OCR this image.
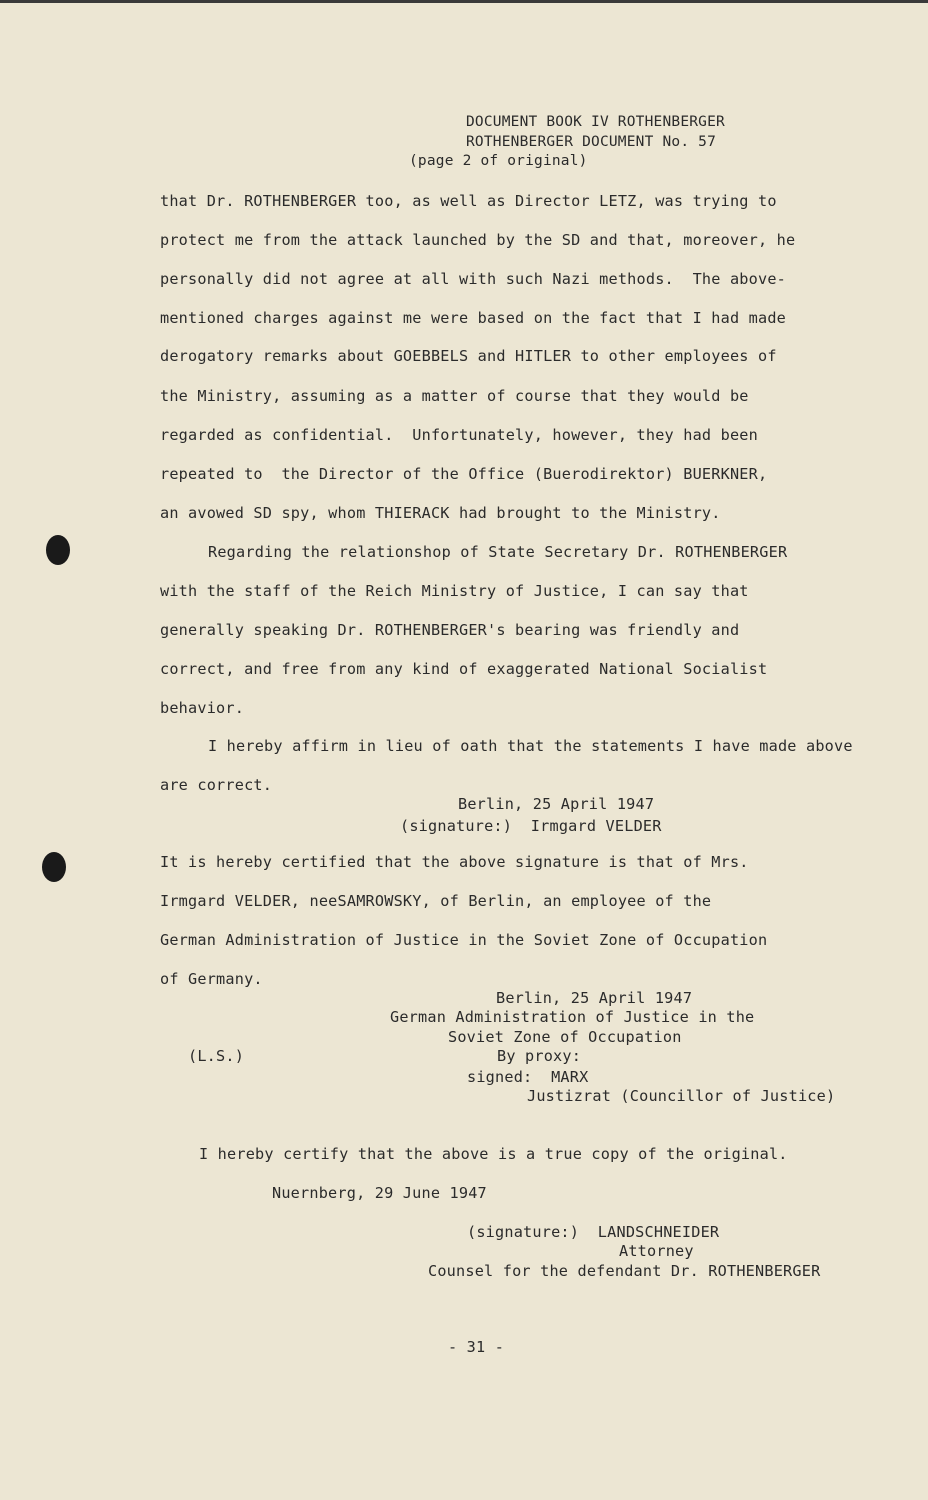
DOCUMENT BOOK IV ROTHENBERGER
ROTHENBERGER DOCUMENT No. 57
(page 2 of original)
that Dr. ROTHENBERGER too, as well as Director LETZ, was trying to
protect me from the attack launched by the SD and that, moreover, he
personally did not agree at all with such Nazi methods.  The above-
mentioned charges against me were based on the fact that I had made
derogatory remarks about GOEBBELS and HITLER to other employees of
the Ministry, assuming as a matter of course that they would be
regarded as confidential.  Unfortunately, however, they had been
repeated to  the Director of the Office (Buerodirektor) BUERKNER,
an avowed SD spy, whom THIERACK had brought to the Ministry.
Regarding the relationshop of State Secretary Dr. ROTHENBERGER
with the staff of the Reich Ministry of Justice, I can say that
generally speaking Dr. ROTHENBERGER's bearing was friendly and
correct, and free from any kind of exaggerated National Socialist
behavior.
I hereby affirm in lieu of oath that the statements I have made above
are correct.
Berlin, 25 April 1947
(signature:)  Irmgard VELDER
It is hereby certified that the above signature is that of Mrs.
Irmgard VELDER, neeSAMROWSKY, of Berlin, an employee of the
German Administration of Justice in the Soviet Zone of Occupation
of Germany.
Berlin, 25 April 1947
German Administration of Justice in the
Soviet Zone of Occupation
(L.S.)	By proxy:
signed:  MARX
Justizrat (Councillor of Justice)
I hereby certify that the above is a true copy of the original.
Nuernberg, 29 June 1947
(signature:)  LANDSCHNEIDER
Attorney
Counsel for the defendant Dr. ROTHENBERGER
- 31 -
